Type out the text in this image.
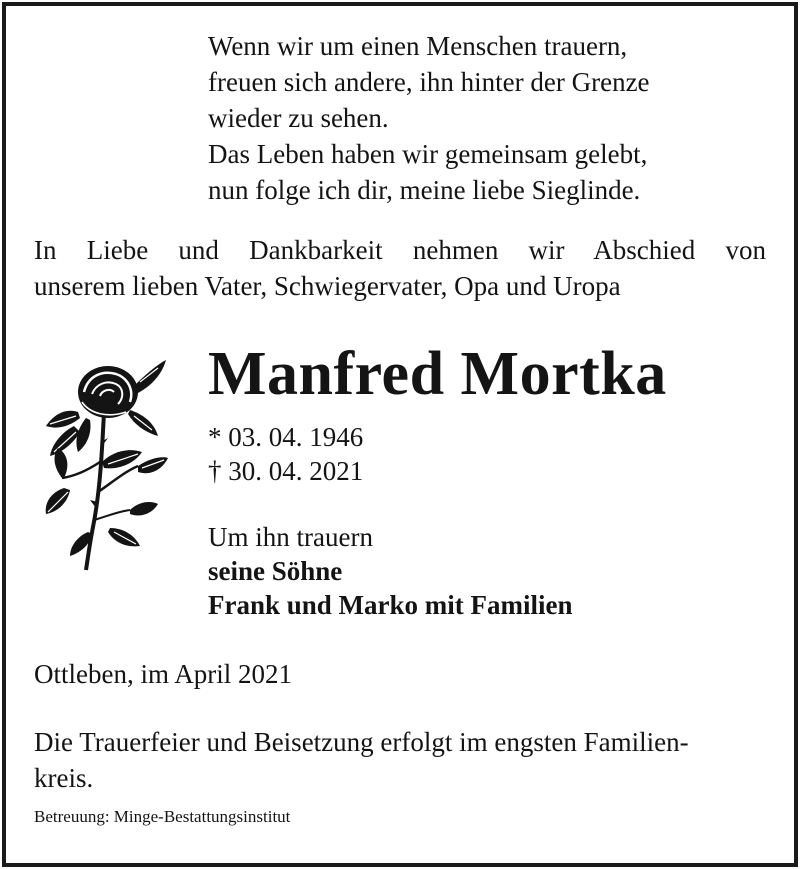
Wenn wir um einen Menschen trauern,
freuen sich andere, ihn hinter der Grenze
wieder zu sehen.
Das Leben haben wir gemeinsam gelebt,
nun folge ich dir, meine liebe Sieglinde.
In Liebe und Dankbarkeit nehmen wir Abschied von
unserem lieben Vater, Schwiegervater, Opa und Uropa
Manfred Mortka
* 03. 04. 1946
† 30. 04. 2021
Um ihn trauern
seine Söhne
Frank und Marko mit Familien
Ottleben, im April 2021
Die Trauerfeier und Beisetzung erfolgt im engsten Familien-
kreis.
Betreuung: Minge-Bestattungsinstitut
